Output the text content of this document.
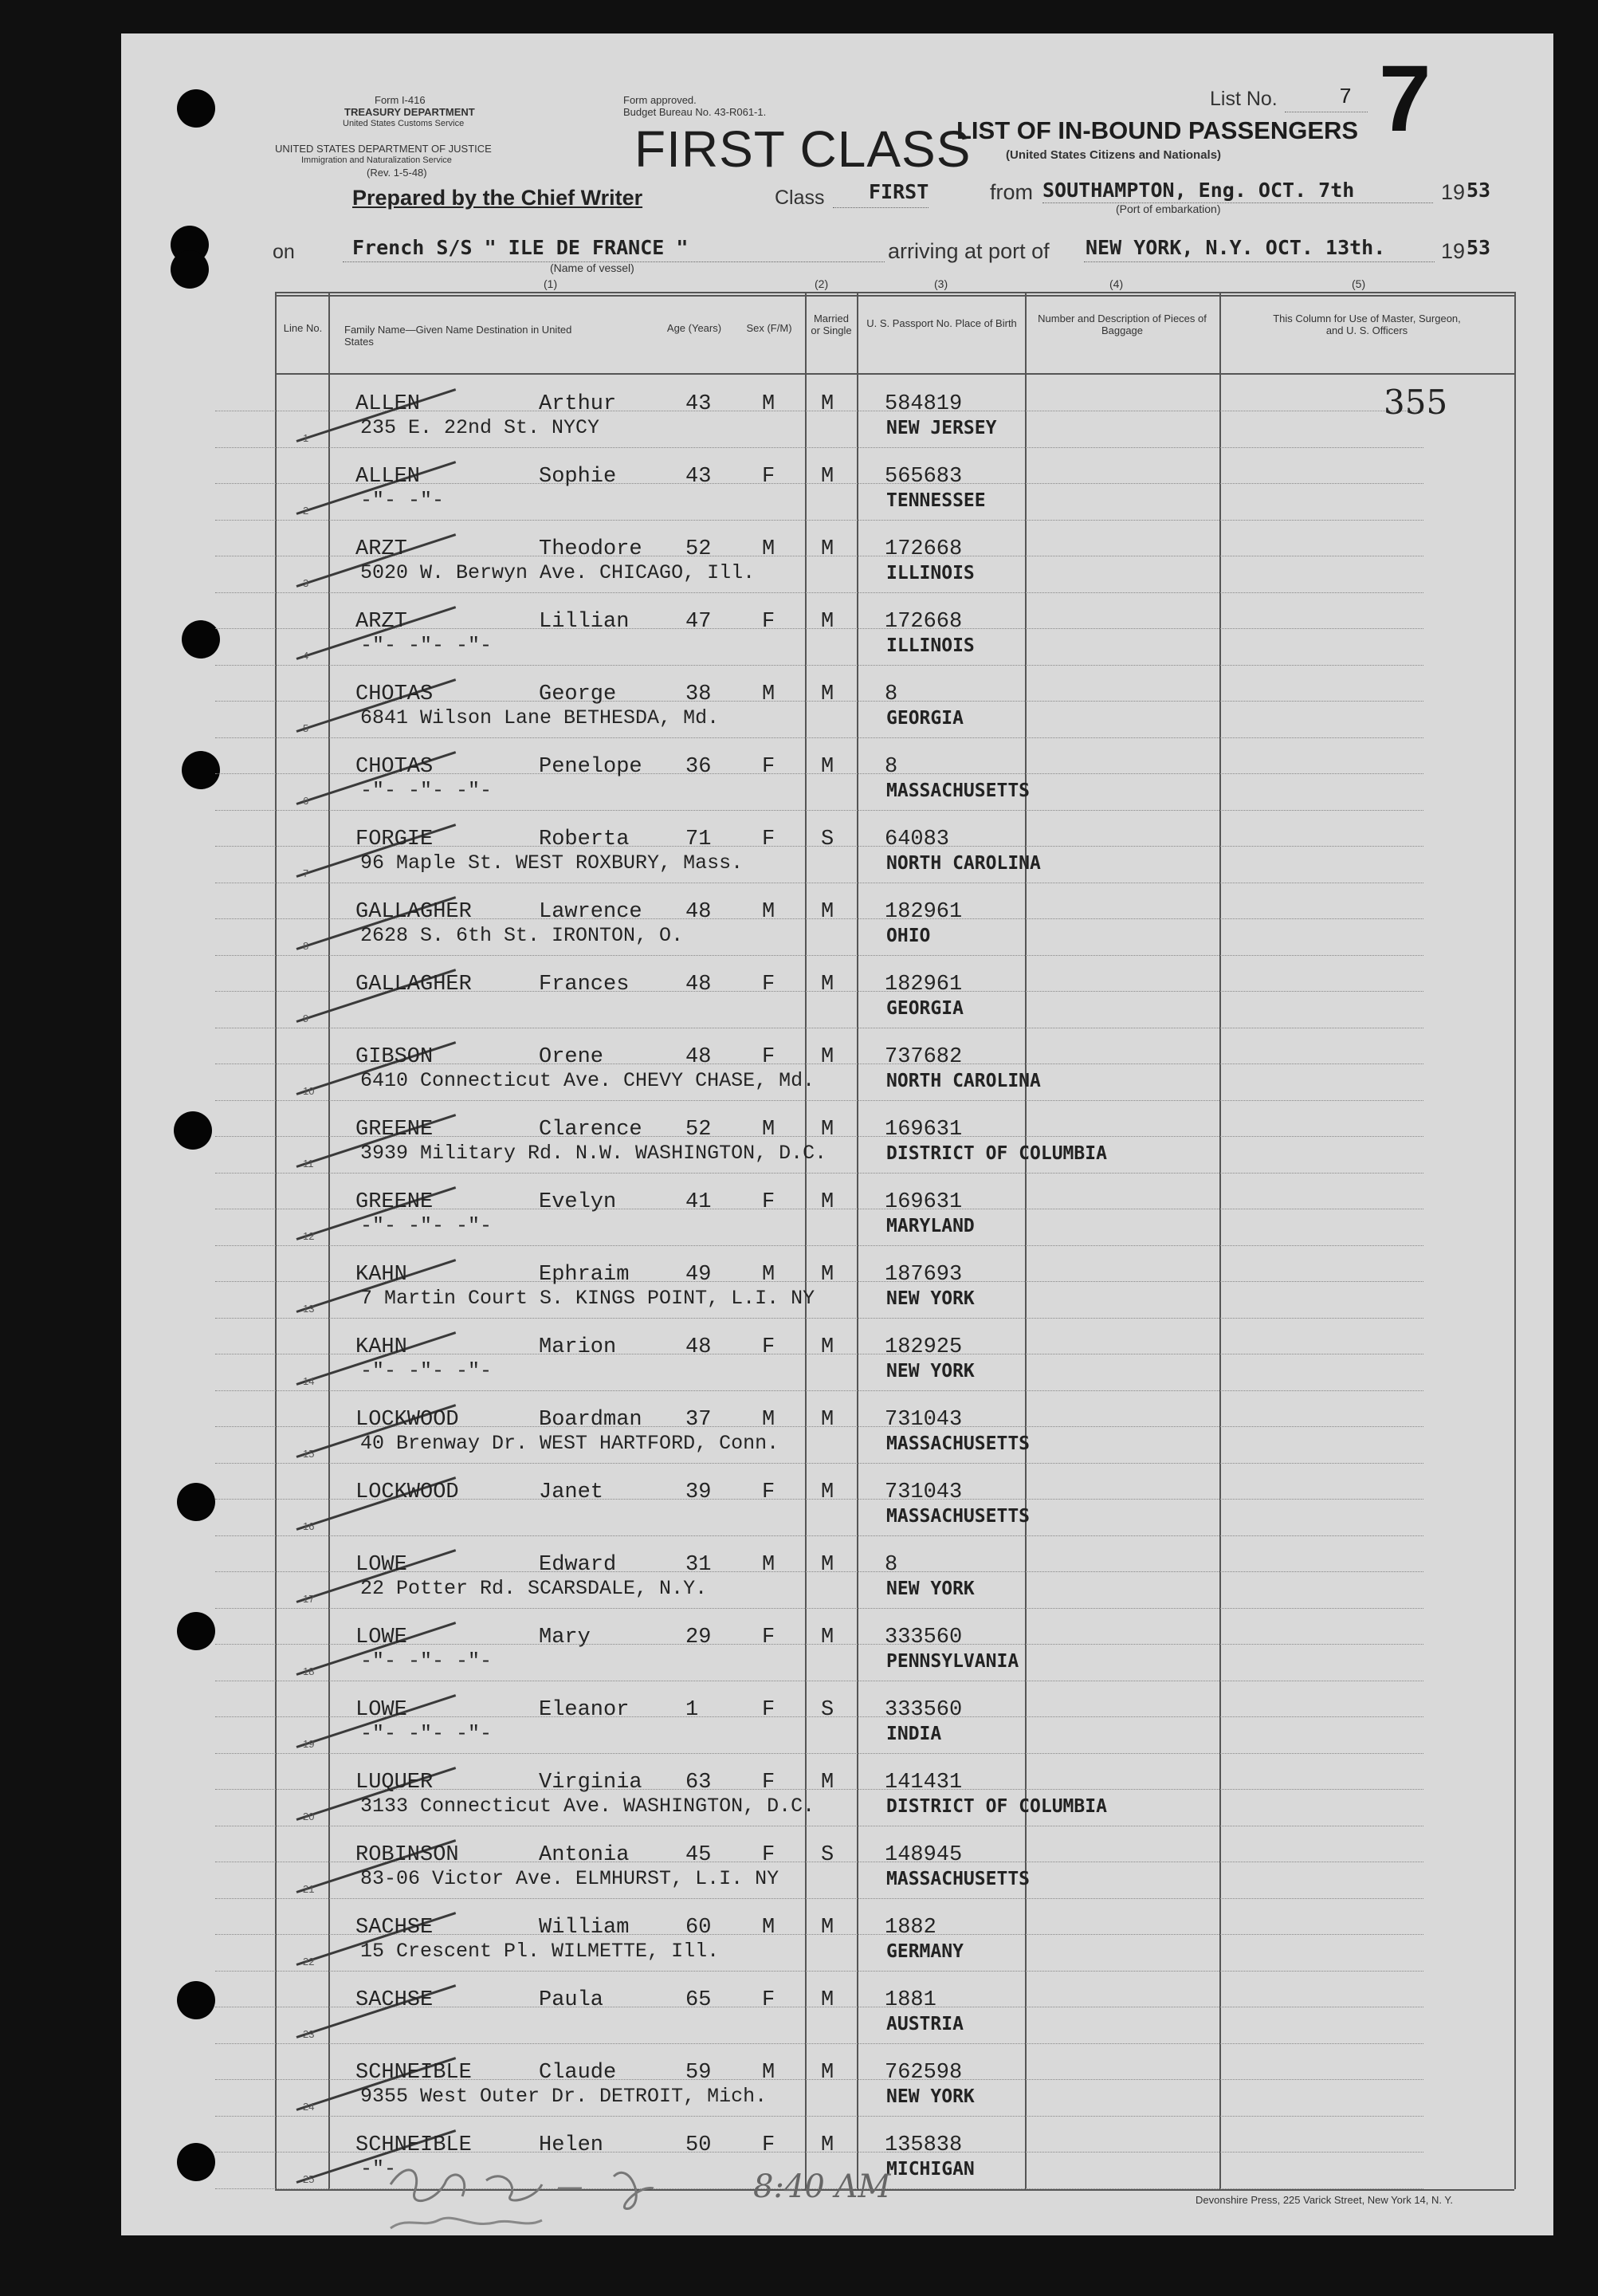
Form I-416
TREASURY DEPARTMENT
United States Customs Service
UNITED STATES DEPARTMENT OF JUSTICE
Immigration and Naturalization Service
(Rev. 1-5-48)
Form approved.
Budget Bureau No. 43-R061-1.
FIRST CLASS
LIST OF IN-BOUND PASSENGERS
(United States Citizens and Nationals)
List No.	7 7
Prepared by the Chief Writer	Class FIRST	from SOUTHAMPTON, Eng. OCT. 7th
(Port of embarkation)
19 53
on	French S/S " ILE DE FRANCE "
(Name of vessel)
arriving at port of NEW YORK, N.Y. OCT. 13th.	19 53
(1)	(2)	(3)	(4)	(5)
Line No. Family Name—Given Name Destination in United States
Age (Years)	Sex (F/M)
Married or Single
U. S. Passport No. Place of Birth	Number and Description of Pieces of Baggage
This Column for Use of Master, Surgeon, and U. S. Officers
1
ALLEN	Arthur	43 M M 584819
235 E. 22nd St. NYCY	NEW JERSEY
2
ALLEN	Sophie	43 F M 565683
-"- -"-	TENNESSEE
3
ARZT	Theodore 52 M M 172668
5020 W. Berwyn Ave. CHICAGO, Ill.	ILLINOIS
4
ARZT	Lillian	47 F M 172668
-"- -"- -"-	ILLINOIS
5
CHOTAS	George	38 M M 8
6841 Wilson Lane BETHESDA, Md.	GEORGIA
6
CHOTAS	Penelope 36 F M 8
-"- -"- -"-	MASSACHUSETTS
7
FORGIE	Roberta	71 F S 64083
96 Maple St. WEST ROXBURY, Mass.	NORTH CAROLINA
8
GALLAGHER	Lawrence 48 M M 182961
2628 S. 6th St. IRONTON, O.	OHIO
9
GALLAGHER	Frances	48 F M 182961
GEORGIA
10
GIBSON	Orene	48 F M 737682
6410 Connecticut Ave. CHEVY CHASE, Md.	NORTH CAROLINA
11
GREENE	Clarence 52 M M 169631
3939 Military Rd. N.W. WASHINGTON, D.C.	DISTRICT OF COLUMBIA
12
GREENE	Evelyn	41 F M 169631
-"- -"- -"-	MARYLAND
13
KAHN	Ephraim	49 M M 187693
7 Martin Court S. KINGS POINT, L.I. NY	NEW YORK
14
KAHN	Marion	48 F M 182925
-"- -"- -"-	NEW YORK
15
LOCKWOOD	Boardman 37 M M 731043
40 Brenway Dr. WEST HARTFORD, Conn.	MASSACHUSETTS
16
LOCKWOOD	Janet	39 F M 731043
MASSACHUSETTS
17
LOWE	Edward	31 M M 8
22 Potter Rd. SCARSDALE, N.Y.	NEW YORK
18
LOWE	Mary	29 F M 333560
-"- -"- -"-	PENNSYLVANIA
19
LOWE	Eleanor	1	F S 333560
-"- -"- -"-	INDIA
20
LUQUER	Virginia 63 F M 141431
3133 Connecticut Ave. WASHINGTON, D.C.	DISTRICT OF COLUMBIA
21
ROBINSON	Antonia	45 F S 148945
83-06 Victor Ave. ELMHURST, L.I. NY	MASSACHUSETTS
22
SACHSE	William	60 M M 1882
15 Crescent Pl. WILMETTE, Ill.	GERMANY
23
SACHSE	Paula	65 F M 1881
AUSTRIA
24
SCHNEIBLE	Claude	59 M M 762598
9355 West Outer Dr. DETROIT, Mich.	NEW YORK
25
SCHNEIBLE	Helen	50 F M 135838
-"-	MICHIGAN
355
8:40 AM	Devonshire Press, 225 Varick Street, New York 14, N. Y.
